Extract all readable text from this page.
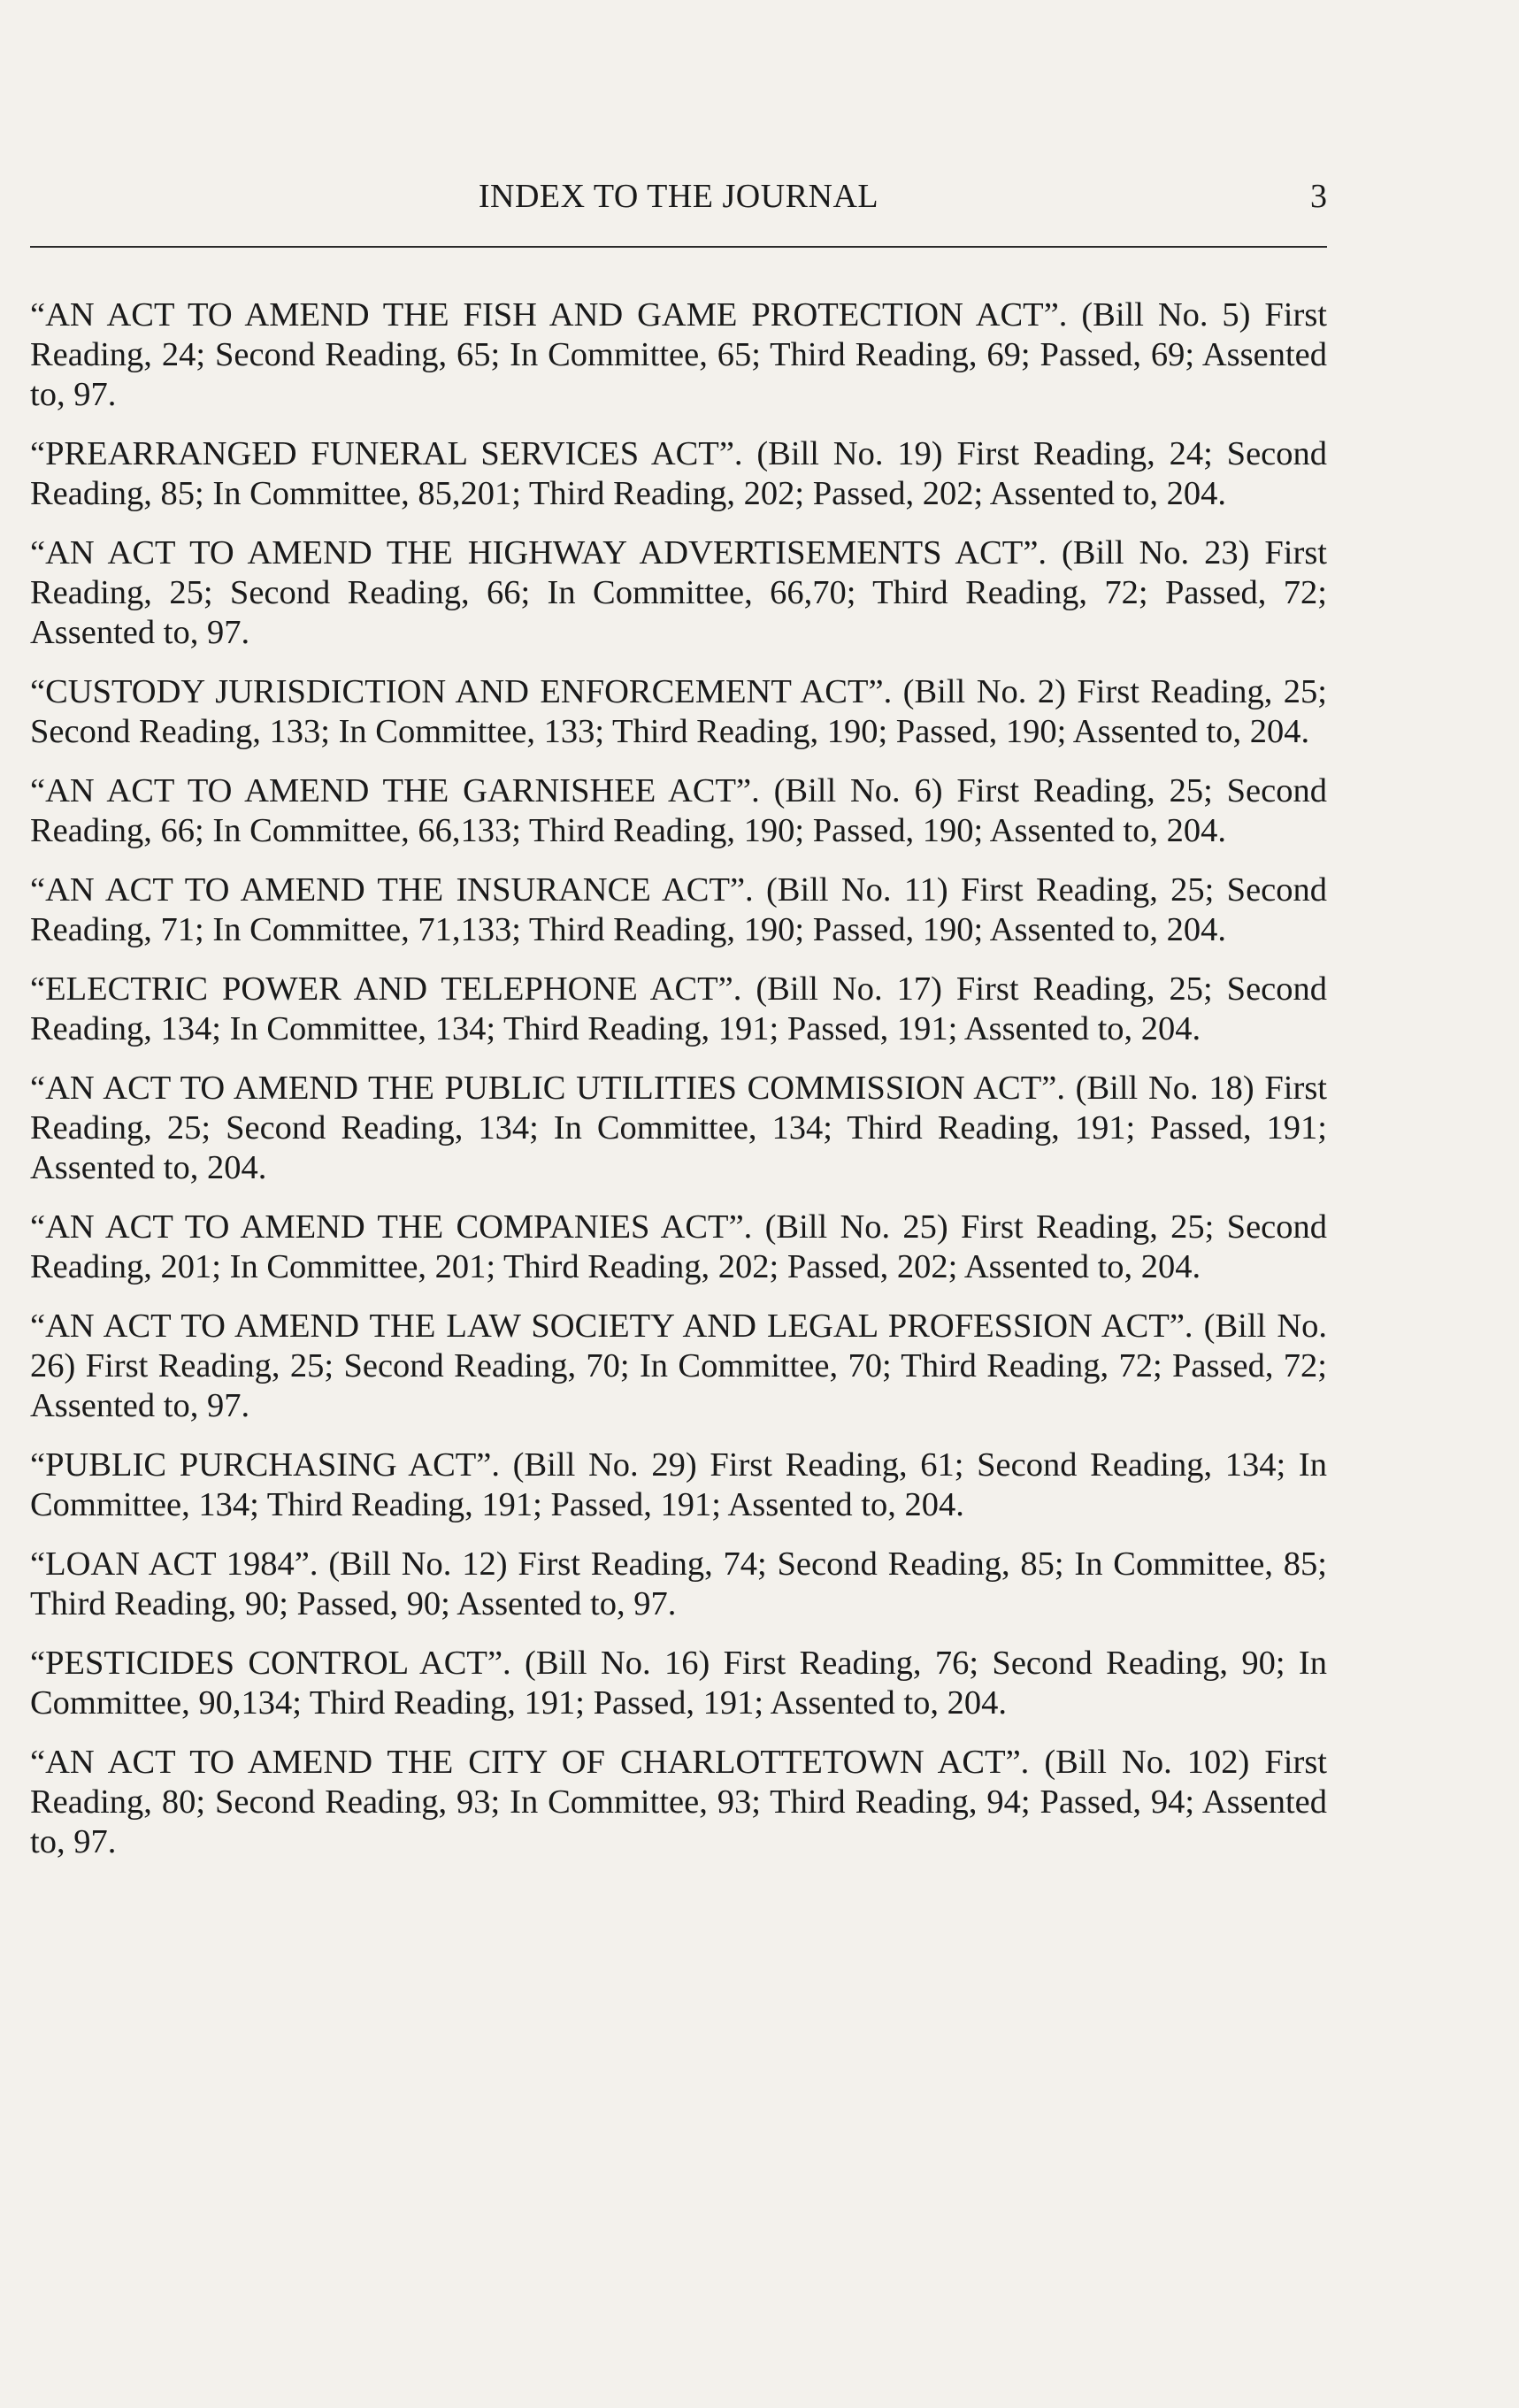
INDEX TO THE JOURNAL	3

“AN ACT TO AMEND THE FISH AND GAME PROTECTION ACT”. (Bill No. 5) First Reading, 24; Second Reading, 65; In Committee, 65; Third Reading, 69; Passed, 69; Assented to, 97.

“PREARRANGED FUNERAL SERVICES ACT”. (Bill No. 19) First Reading, 24; Second Reading, 85; In Committee, 85,201; Third Reading, 202; Passed, 202; Assented to, 204.

“AN ACT TO AMEND THE HIGHWAY ADVERTISEMENTS ACT”. (Bill No. 23) First Reading, 25; Second Reading, 66; In Committee, 66,70; Third Reading, 72; Passed, 72; Assented to, 97.

“CUSTODY JURISDICTION AND ENFORCEMENT ACT”. (Bill No. 2) First Reading, 25; Second Reading, 133; In Committee, 133; Third Reading, 190; Passed, 190; Assented to, 204.

“AN ACT TO AMEND THE GARNISHEE ACT”. (Bill No. 6) First Reading, 25; Second Reading, 66; In Committee, 66,133; Third Reading, 190; Passed, 190; Assented to, 204.

“AN ACT TO AMEND THE INSURANCE ACT”. (Bill No. 11) First Reading, 25; Second Reading, 71; In Committee, 71,133; Third Reading, 190; Passed, 190; Assented to, 204.

“ELECTRIC POWER AND TELEPHONE ACT”. (Bill No. 17) First Reading, 25; Second Reading, 134; In Committee, 134; Third Reading, 191; Passed, 191; Assented to, 204.

“AN ACT TO AMEND THE PUBLIC UTILITIES COMMISSION ACT”. (Bill No. 18) First Reading, 25; Second Reading, 134; In Committee, 134; Third Reading, 191; Passed, 191; Assented to, 204.

“AN ACT TO AMEND THE COMPANIES ACT”. (Bill No. 25) First Reading, 25; Second Reading, 201; In Committee, 201; Third Reading, 202; Passed, 202; Assented to, 204.

“AN ACT TO AMEND THE LAW SOCIETY AND LEGAL PROFESSION ACT”. (Bill No. 26) First Reading, 25; Second Reading, 70; In Committee, 70; Third Reading, 72; Passed, 72; Assented to, 97.

“PUBLIC PURCHASING ACT”. (Bill No. 29) First Reading, 61; Second Reading, 134; In Committee, 134; Third Reading, 191; Passed, 191; Assented to, 204.

“LOAN ACT 1984”. (Bill No. 12) First Reading, 74; Second Reading, 85; In Committee, 85; Third Reading, 90; Passed, 90; Assented to, 97.

“PESTICIDES CONTROL ACT”. (Bill No. 16) First Reading, 76; Second Reading, 90; In Committee, 90,134; Third Reading, 191; Passed, 191; Assented to, 204.

“AN ACT TO AMEND THE CITY OF CHARLOTTETOWN ACT”. (Bill No. 102) First Reading, 80; Second Reading, 93; In Committee, 93; Third Reading, 94; Passed, 94; Assented to, 97.
